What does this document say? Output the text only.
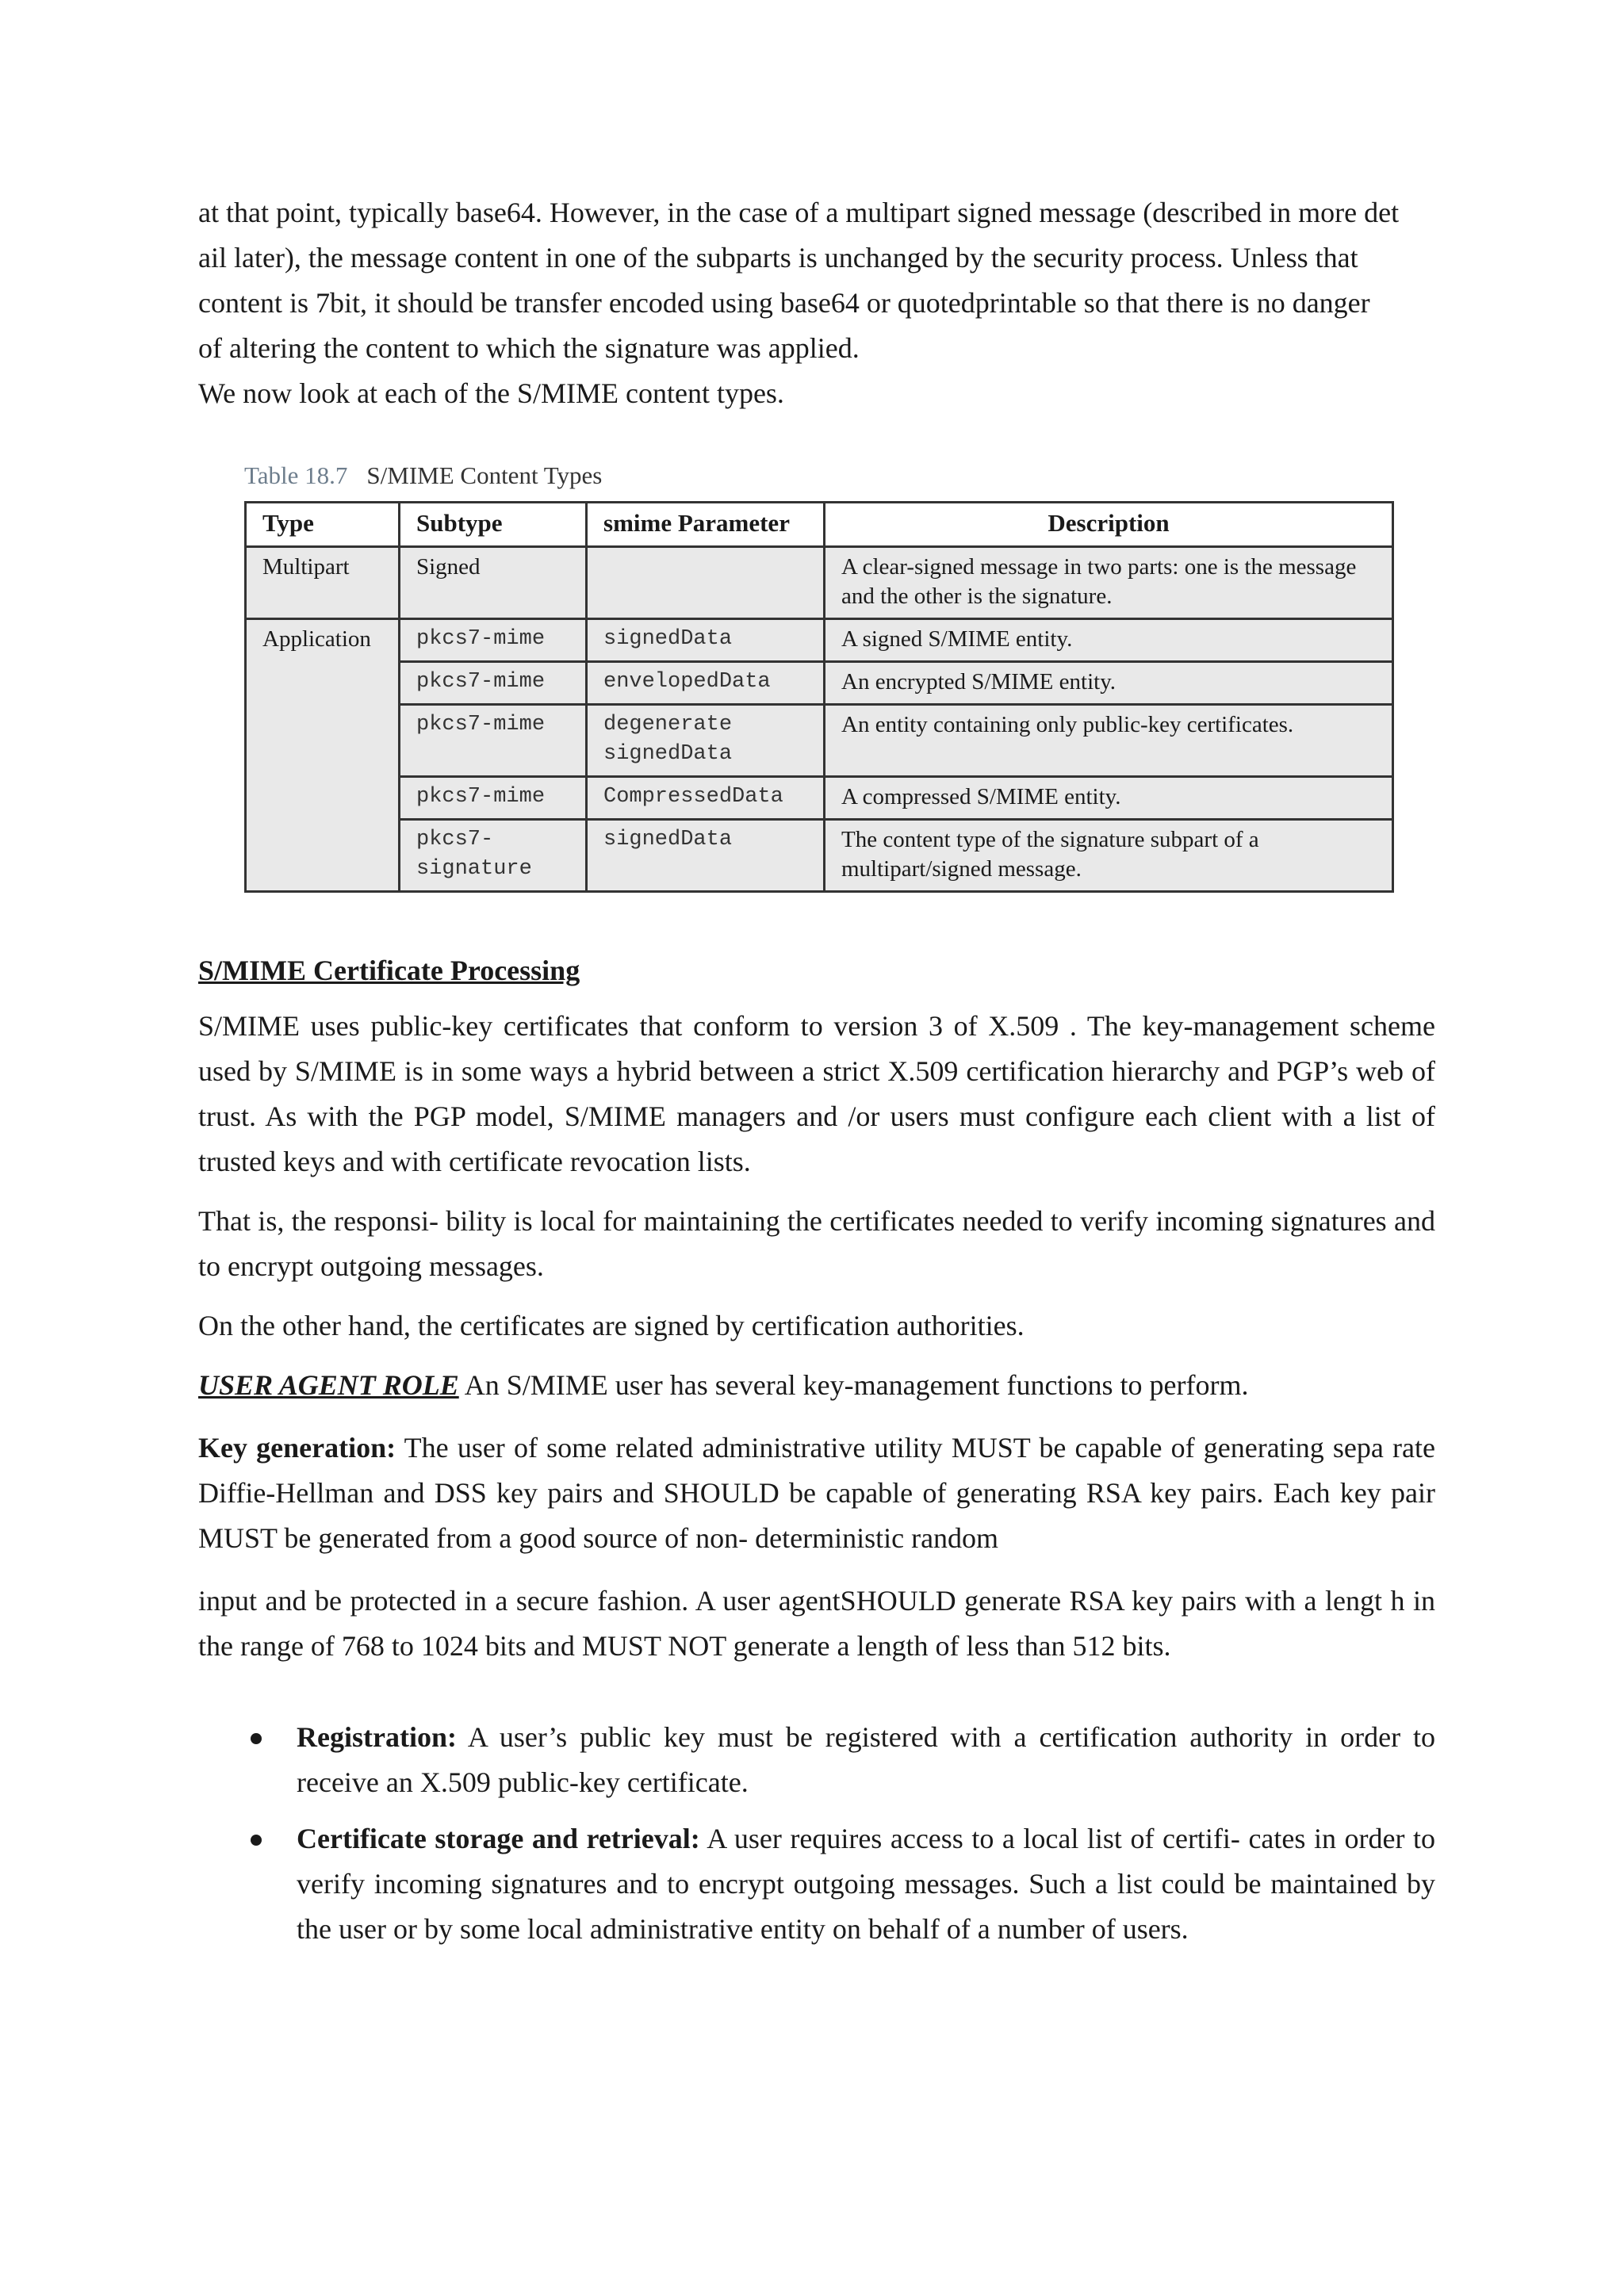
at that point, typically base64. However, in the case of a multipart signed message (described in more det

ail later), the message content in one of the subparts is unchanged by the security process. Unless that

content is 7bit, it should be transfer encoded using base64 or quotedprintable so that there is no danger

of altering the content to which the signature was applied.

We now look at each of the S/MIME content types.

Table 18.7 S/MIME Content Types
Type	Subtype	smime Parameter	Description
Multipart	Signed		A clear-signed message in two parts: one is the message and the other is the signature.
Application	pkcs7-mime	signedData	A signed S/MIME entity.
	pkcs7-mime	envelopedData	An encrypted S/MIME entity.
	pkcs7-mime	degenerate signedData	An entity containing only public-key certificates.
	pkcs7-mime	CompressedData	A compressed S/MIME entity.
	pkcs7-signature	signedData	The content type of the signature subpart of a multipart/signed message.
S/MIME Certificate Processing

S/MIME uses public-key certificates that conform to version 3 of X.509 . The key-management scheme used by S/MIME is in some ways a hybrid between a strict X.509 certification hierarchy and PGP’s web of trust. As with the PGP model, S/MIME managers and /or users must configure each client with a list of trusted keys and with certificate revocation lists.

That is, the responsi- bility is local for maintaining the certificates needed to verify incoming signatures and to encrypt outgoing messages.

On the other hand, the certificates are signed by certification authorities.

USER AGENT ROLE An S/MIME user has several key-management functions to perform.

Key generation: The user of some related administrative utility MUST be capable of generating sepa rate Diffie-Hellman and DSS key pairs and SHOULD be capable of generating RSA key pairs. Each key pair MUST be generated from a good source of non- deterministic random

input and be protected in a secure fashion. A user agentSHOULD generate RSA key pairs with a lengt h in the range of 768 to 1024 bits and MUST NOT generate a length of less than 512 bits.

Registration: A user’s public key must be registered with a certification authority in order to receive an X.509 public-key certificate.
Certificate storage and retrieval: A user requires access to a local list of certifi- cates in order to verify incoming signatures and to encrypt outgoing messages. Such a list could be maintained by the user or by some local administrative entity on behalf of a number of users.
